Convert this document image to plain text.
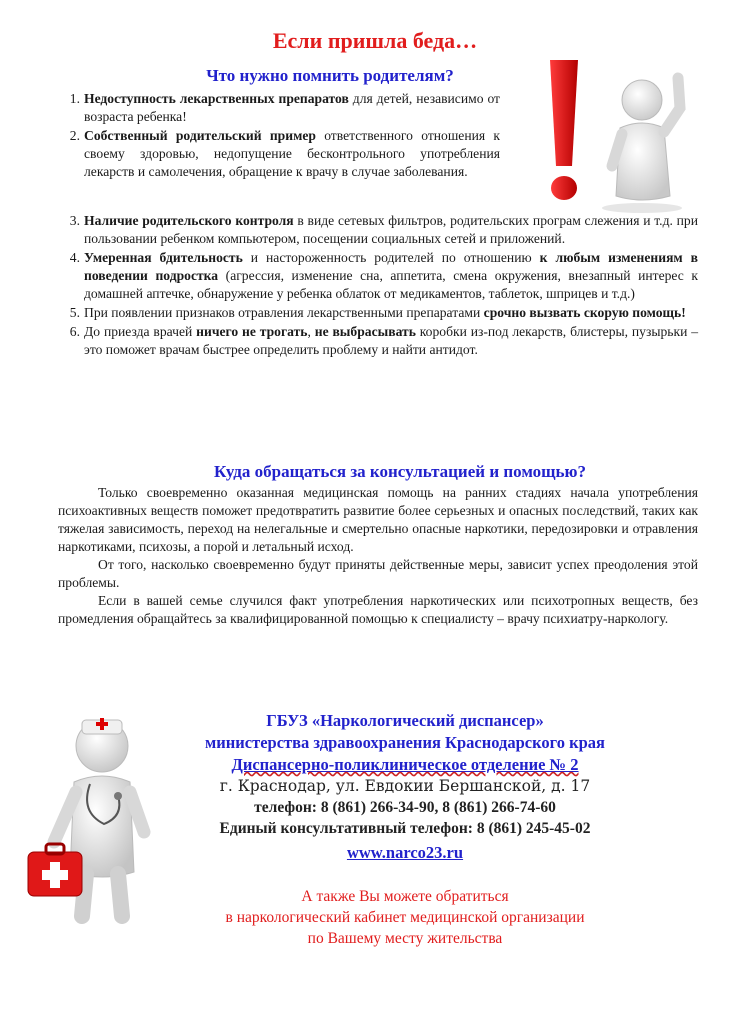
Если пришла беда…
Что нужно помнить родителям?
1. Недоступность лекарственных препаратов для детей, независимо от возраста ребенка!
2. Собственный родительский пример ответственного отношения к своему здоровью, недопущение бесконтрольного употребления лекарств и самолечения, обращение к врачу в случае заболевания.
3. Наличие родительского контроля в виде сетевых фильтров, родительских програм слежения и т.д. при пользовании ребенком компьютером, посещении социальных сетей и приложений.
4. Умеренная бдительность и настороженность родителей по отношению к любым изменениям в поведении подростка (агрессия, изменение сна, аппетита, смена окружения, внезапный интерес к домашней аптечке, обнаружение у ребенка облаток от медикаментов, таблеток, шприцев и т.д.)
5. При появлении признаков отравления лекарственными препаратами срочно вызвать скорую помощь!
6. До приезда врачей ничего не трогать, не выбрасывать коробки из-под лекарств, блистеры, пузырьки – это поможет врачам быстрее определить проблему и найти антидот.
Куда обращаться за консультацией и помощью?

Только своевременно оказанная медицинская помощь на ранних стадиях начала употребления психоактивных веществ поможет предотвратить развитие более серьезных и опасных последствий, таких как тяжелая зависимость, переход на нелегальные и смертельно опасные наркотики, передозировки и отравления наркотиками, психозы, а порой и летальный исход.

От того, насколько своевременно будут приняты действенные меры, зависит успех преодоления этой проблемы.

Если в вашей семье случился факт употребления наркотических или психотропных веществ, без промедления обращайтесь за квалифицированной помощью к специалисту – врачу психиатру-наркологу.

ГБУЗ «Наркологический диспансер»
министерства здравоохранения Краснодарского края
Диспансерно-поликлиническое отделение № 2
г. Краснодар, ул. Евдокии Бершанской, д. 17
телефон: 8 (861) 266-34-90, 8 (861) 266-74-60
Единый консультативный телефон: 8 (861) 245-45-02
www.narco23.ru
А также Вы можете обратиться
в наркологический кабинет медицинской организации
по Вашему месту жительства
